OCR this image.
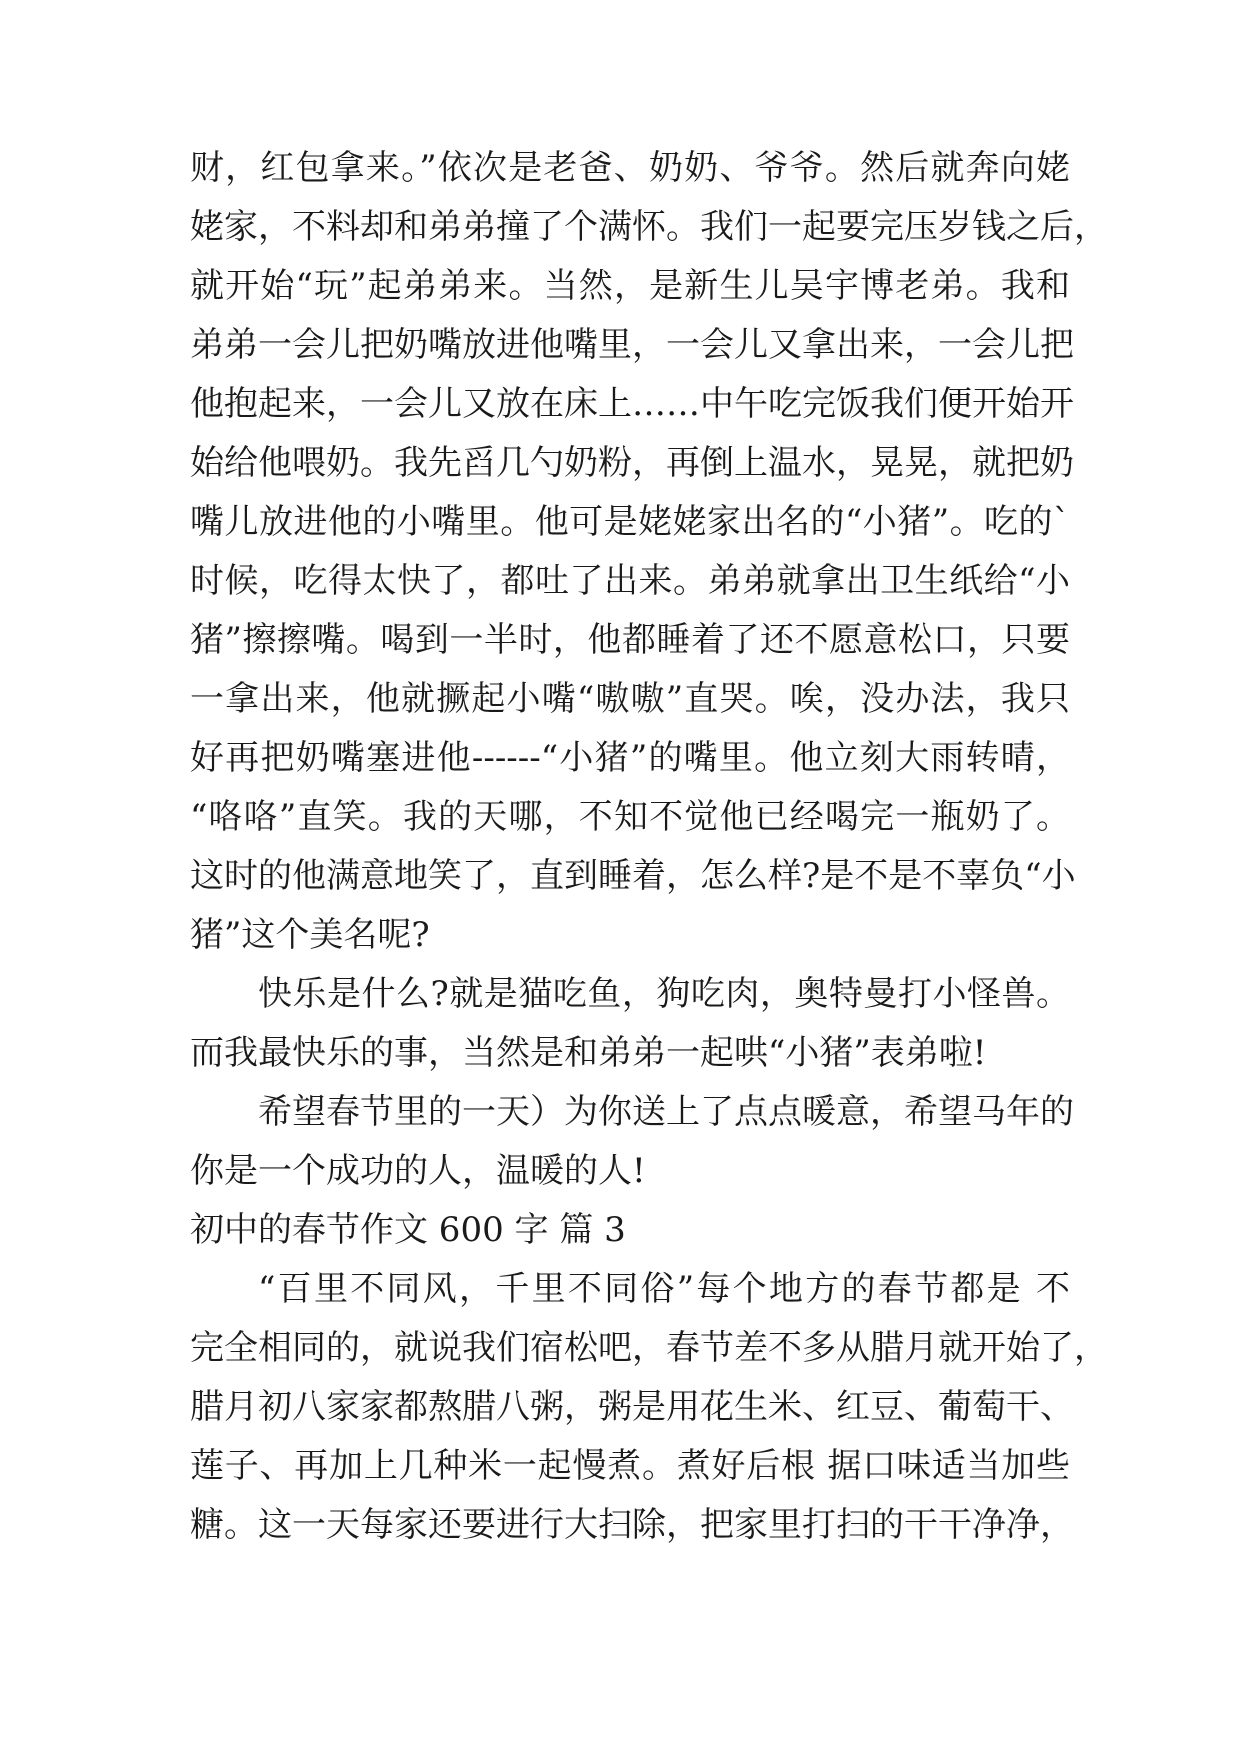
财，红包拿来。”依次是老爸、奶奶、爷爷。然后就奔向姥
姥家，不料却和弟弟撞了个满怀。我们一起要完压岁钱之后，
就开始“玩”起弟弟来。当然，是新生儿吴宇博老弟。我和
弟弟一会儿把奶嘴放进他嘴里，一会儿又拿出来，一会儿把
他抱起来，一会儿又放在床上……中午吃完饭我们便开始开
始给他喂奶。我先舀几勺奶粉，再倒上温水，晃晃，就把奶
嘴儿放进他的小嘴里。他可是姥姥家出名的“小猪”。吃的`
时候，吃得太快了，都吐了出来。弟弟就拿出卫生纸给“小
猪”擦擦嘴。喝到一半时，他都睡着了还不愿意松口，只要
一拿出来，他就撅起小嘴“嗷嗷”直哭。唉，没办法，我只
好再把奶嘴塞进他------“小猪”的嘴里。他立刻大雨转晴，
“咯咯”直笑。我的天哪，不知不觉他已经喝完一瓶奶了。
这时的他满意地笑了，直到睡着，怎么样?是不是不辜负“小
猪”这个美名呢?
快乐是什么?就是猫吃鱼，狗吃肉，奥特曼打小怪兽。
而我最快乐的事，当然是和弟弟一起哄“小猪”表弟啦!
希望春节里的一天）为你送上了点点暖意，希望马年的
你是一个成功的人，温暖的人!
初中的春节作文 600 字 篇 3
“百里不同风，千里不同俗”每个地方的春节都是 不
完全相同的，就说我们宿松吧，春节差不多从腊月就开始了，
腊月初八家家都熬腊八粥，粥是用花生米、红豆、葡萄干、
莲子、再加上几种米一起慢煮。煮好后根 据口味适当加些
糖。这一天每家还要进行大扫除，把家里打扫的干干净净，
